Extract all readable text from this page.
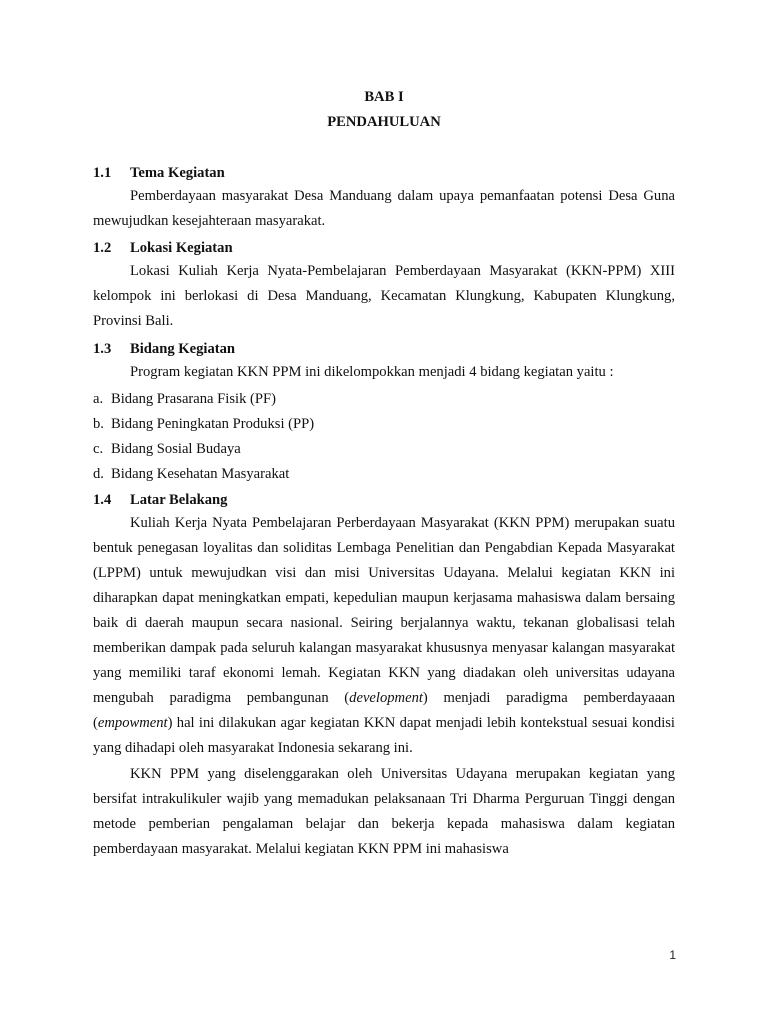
BAB I
PENDAHULUAN
1.1 Tema Kegiatan
Pemberdayaan masyarakat Desa Manduang dalam upaya pemanfaatan potensi Desa Guna mewujudkan kesejahteraan masyarakat.
1.2 Lokasi Kegiatan
Lokasi Kuliah Kerja Nyata-Pembelajaran Pemberdayaan Masyarakat (KKN-PPM) XIII kelompok ini berlokasi di Desa Manduang, Kecamatan Klungkung, Kabupaten Klungkung, Provinsi Bali.
1.3 Bidang Kegiatan
Program kegiatan KKN PPM ini dikelompokkan menjadi 4 bidang kegiatan yaitu :
a. Bidang Prasarana Fisik (PF)
b. Bidang Peningkatan Produksi (PP)
c. Bidang Sosial Budaya
d. Bidang Kesehatan Masyarakat
1.4 Latar Belakang
Kuliah Kerja Nyata Pembelajaran Perberdayaan Masyarakat (KKN PPM) merupakan suatu bentuk penegasan loyalitas dan soliditas Lembaga Penelitian dan Pengabdian Kepada Masyarakat (LPPM) untuk mewujudkan visi dan misi Universitas Udayana. Melalui kegiatan KKN ini diharapkan dapat meningkatkan empati, kepedulian maupun kerjasama mahasiswa dalam bersaing baik di daerah maupun secara nasional. Seiring berjalannya waktu, tekanan globalisasi telah memberikan dampak pada seluruh kalangan masyarakat khususnya menyasar kalangan masyarakat yang memiliki taraf ekonomi lemah. Kegiatan KKN yang diadakan oleh universitas udayana mengubah paradigma pembangunan (development) menjadi paradigma pemberdayaaan (empowment) hal ini dilakukan agar kegiatan KKN dapat menjadi lebih kontekstual sesuai kondisi yang dihadapi oleh masyarakat Indonesia sekarang ini.
KKN PPM yang diselenggarakan oleh Universitas Udayana merupakan kegiatan yang bersifat intrakulikuler wajib yang memadukan pelaksanaan Tri Dharma Perguruan Tinggi dengan metode pemberian pengalaman belajar dan bekerja kepada mahasiswa dalam kegiatan pemberdayaan masyarakat. Melalui kegiatan KKN PPM ini mahasiswa
1
